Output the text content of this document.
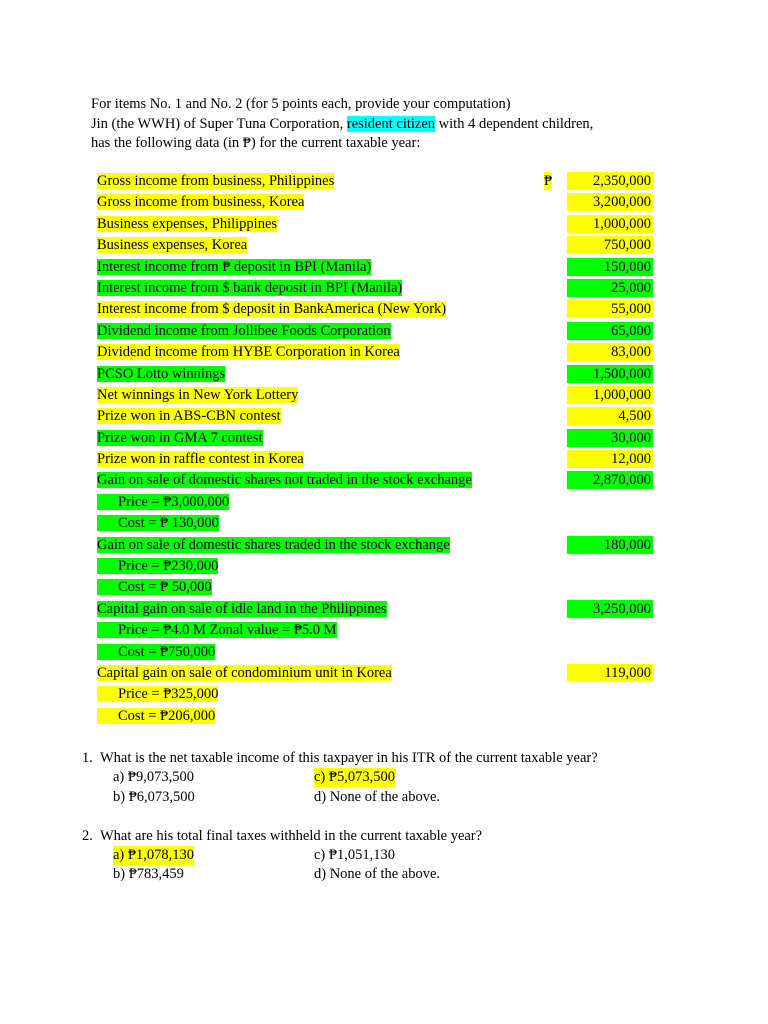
For items No. 1 and No. 2 (for 5 points each, provide your computation)

Jin (the WWH) of Super Tuna Corporation, resident citizen with 4 dependent children,

has the following data (in ₱) for the current taxable year:

Gross income from business, Philippines	₱	2,350,000
Gross income from business, Korea	3,200,000
Business expenses, Philippines	1,000,000
Business expenses, Korea	750,000
Interest income from ₱ deposit in BPI (Manila)	150,000
Interest income from $ bank deposit in BPI (Manila)	25,000
Interest income from $ deposit in BankAmerica (New York)	55,000
Dividend income from Jollibee Foods Corporation	65,000
Dividend income from HYBE Corporation in Korea	83,000
PCSO Lotto winnings	1,500,000
Net winnings in New York Lottery	1,000,000
Prize won in ABS-CBN contest	4,500
Prize won in GMA 7 contest	30,000
Prize won in raffle contest in Korea	12,000
Gain on sale of domestic shares not traded in the stock exchange	2,870,000
Price = ₱3,000,000
Cost = ₱ 130,000
Gain on sale of domestic shares traded in the stock exchange	180,000
Price = ₱230,000
Cost = ₱ 50,000
Capital gain on sale of idle land in the Philippines	3,250,000
Price = ₱4.0 M Zonal value = ₱5.0 M
Cost = ₱750,000
Capital gain on sale of condominium unit in Korea	119,000
Price = ₱325,000
Cost = ₱206,000
1. What is the net taxable income of this taxpayer in his ITR of the current taxable year?
a) ₱9,073,500
b) ₱6,073,500
c) ₱5,073,500
d) None of the above.
2. What are his total final taxes withheld in the current taxable year?
a) ₱1,078,130
b) ₱783,459
c) ₱1,051,130
d) None of the above.
